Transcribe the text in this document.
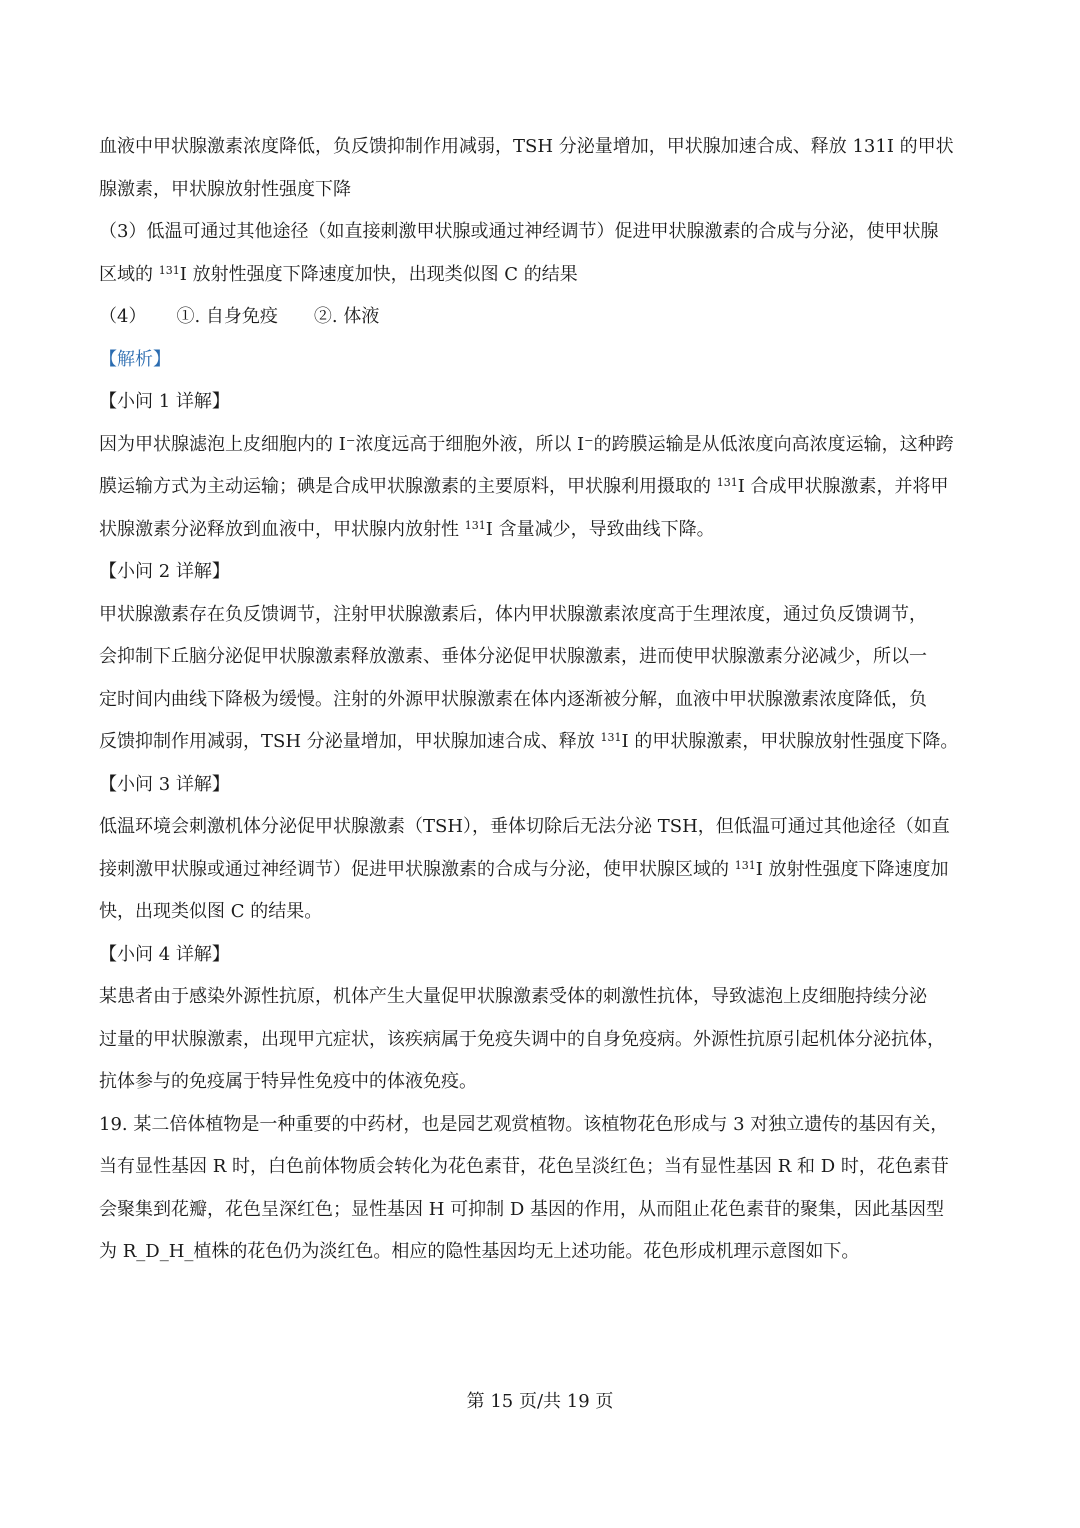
血液中甲状腺激素浓度降低，负反馈抑制作用减弱，TSH 分泌量增加，甲状腺加速合成、释放 131I 的甲状

腺激素，甲状腺放射性强度下降

（3）低温可通过其他途径（如直接刺激甲状腺或通过神经调节）促进甲状腺激素的合成与分泌，使甲状腺

区域的 $^{131}$I 放射性强度下降速度加快，出现类似图 C 的结果

（4） ①. 自身免疫 ②. 体液

【解析】

【小问 1 详解】

因为甲状腺滤泡上皮细胞内的 I⁻浓度远高于细胞外液，所以 I⁻的跨膜运输是从低浓度向高浓度运输，这种跨

膜运输方式为主动运输；碘是合成甲状腺激素的主要原料，甲状腺利用摄取的 $^{131}$I 合成甲状腺激素，并将甲

状腺激素分泌释放到血液中，甲状腺内放射性 $^{131}$I 含量减少，导致曲线下降。

【小问 2 详解】

甲状腺激素存在负反馈调节，注射甲状腺激素后，体内甲状腺激素浓度高于生理浓度，通过负反馈调节，

会抑制下丘脑分泌促甲状腺激素释放激素、垂体分泌促甲状腺激素，进而使甲状腺激素分泌减少，所以一

定时间内曲线下降极为缓慢。注射的外源甲状腺激素在体内逐渐被分解，血液中甲状腺激素浓度降低，负

反馈抑制作用减弱，TSH 分泌量增加，甲状腺加速合成、释放 $^{131}$I 的甲状腺激素，甲状腺放射性强度下降。

【小问 3 详解】

低温环境会刺激机体分泌促甲状腺激素（TSH），垂体切除后无法分泌 TSH，但低温可通过其他途径（如直

接刺激甲状腺或通过神经调节）促进甲状腺激素的合成与分泌，使甲状腺区域的 $^{131}$I 放射性强度下降速度加

快，出现类似图 C 的结果。

【小问 4 详解】

某患者由于感染外源性抗原，机体产生大量促甲状腺激素受体的刺激性抗体，导致滤泡上皮细胞持续分泌

过量的甲状腺激素，出现甲亢症状，该疾病属于免疫失调中的自身免疫病。外源性抗原引起机体分泌抗体，

抗体参与的免疫属于特异性免疫中的体液免疫。

19. 某二倍体植物是一种重要的中药材，也是园艺观赏植物。该植物花色形成与 3 对独立遗传的基因有关，

当有显性基因 R 时，白色前体物质会转化为花色素苷，花色呈淡红色；当有显性基因 R 和 D 时，花色素苷

会聚集到花瓣，花色呈深红色；显性基因 H 可抑制 D 基因的作用，从而阻止花色素苷的聚集，因此基因型

为 R_D_H_植株的花色仍为淡红色。相应的隐性基因均无上述功能。花色形成机理示意图如下。

第 15 页/共 19 页
